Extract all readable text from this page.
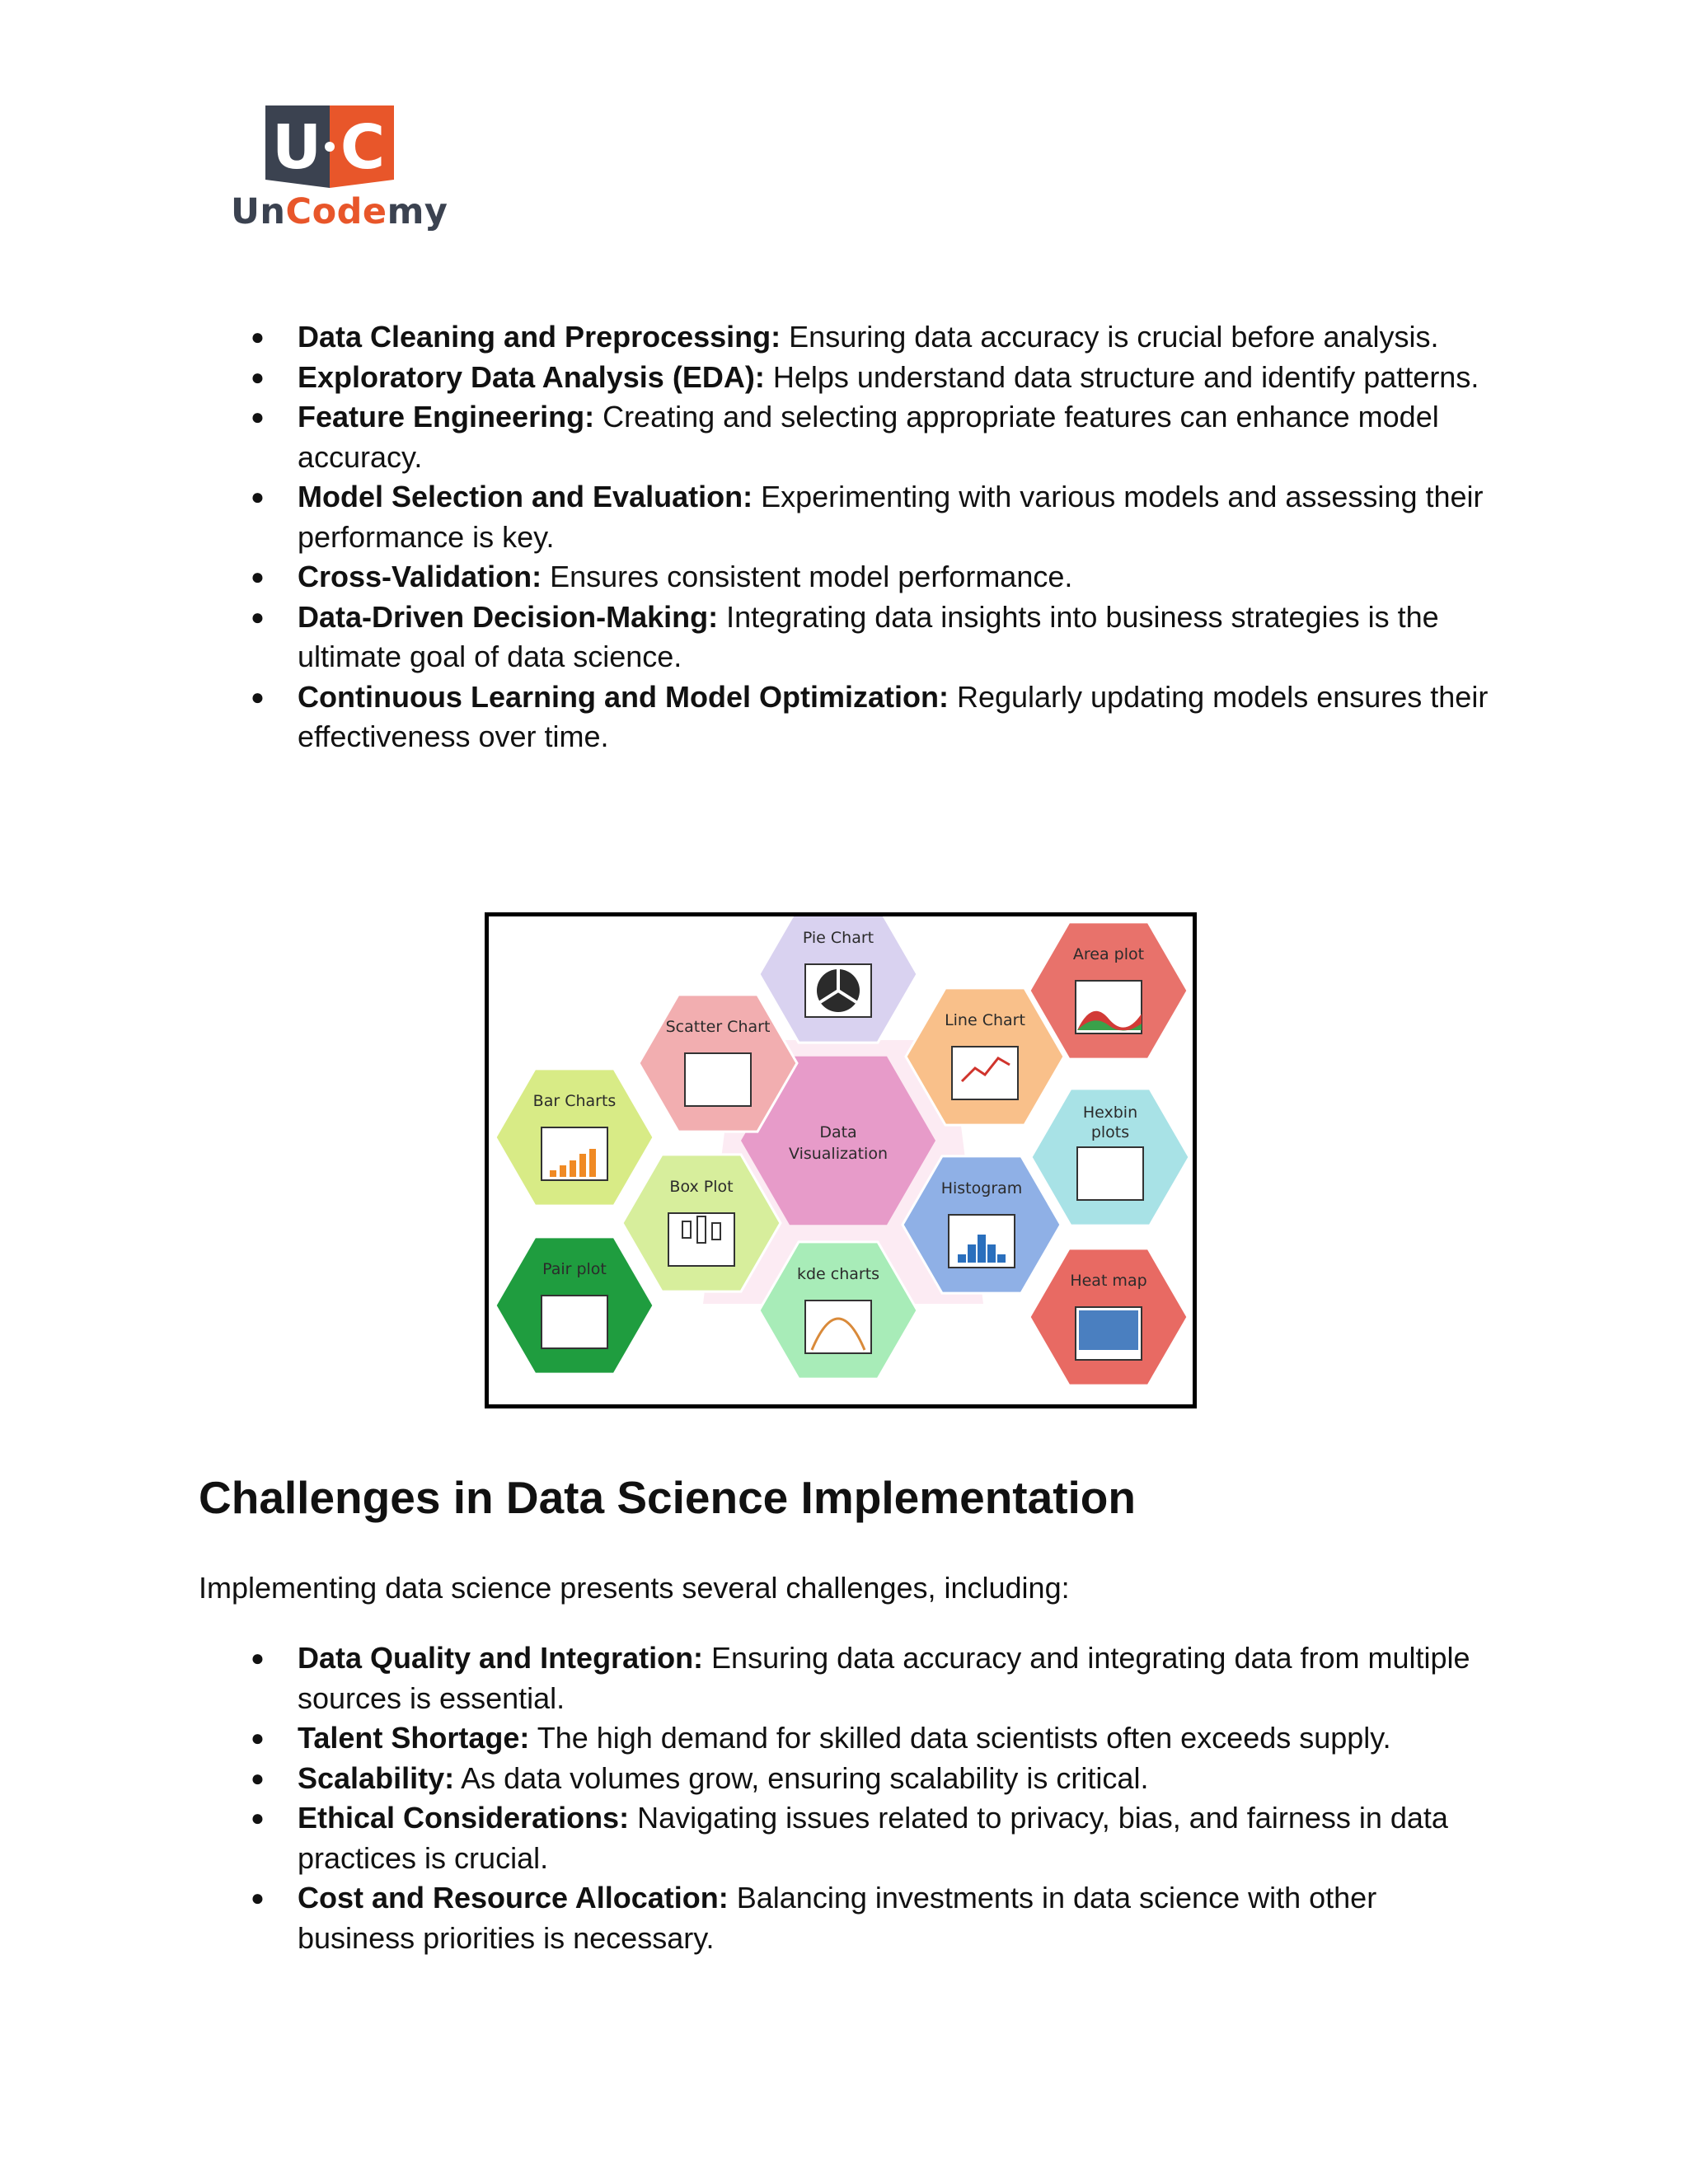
U C
UnCodemy
● Data Cleaning and Preprocessing: Ensuring data accuracy is crucial before analysis.
● Exploratory Data Analysis (EDA): Helps understand data structure and identify patterns.
● Feature Engineering: Creating and selecting appropriate features can enhance model accuracy.
● Model Selection and Evaluation: Experimenting with various models and assessing their performance is key.
● Cross-Validation: Ensures consistent model performance.
● Data-Driven Decision-Making: Integrating data insights into business strategies is the ultimate goal of data science.
● Continuous Learning and Model Optimization: Regularly updating models ensures their effectiveness over time.
Data
Visualization
Pie Chart
Area plot
Scatter Chart	Line Chart
Bar Charts
Hexbin
plots
Box Plot	Histogram
Pair plot	kde charts	Heat map
Challenges in Data Science Implementation

Implementing data science presents several challenges, including:

● Data Quality and Integration: Ensuring data accuracy and integrating data from multiple sources is essential.
● Talent Shortage: The high demand for skilled data scientists often exceeds supply.
● Scalability: As data volumes grow, ensuring scalability is critical.
● Ethical Considerations: Navigating issues related to privacy, bias, and fairness in data practices is crucial.
● Cost and Resource Allocation: Balancing investments in data science with other business priorities is necessary.
